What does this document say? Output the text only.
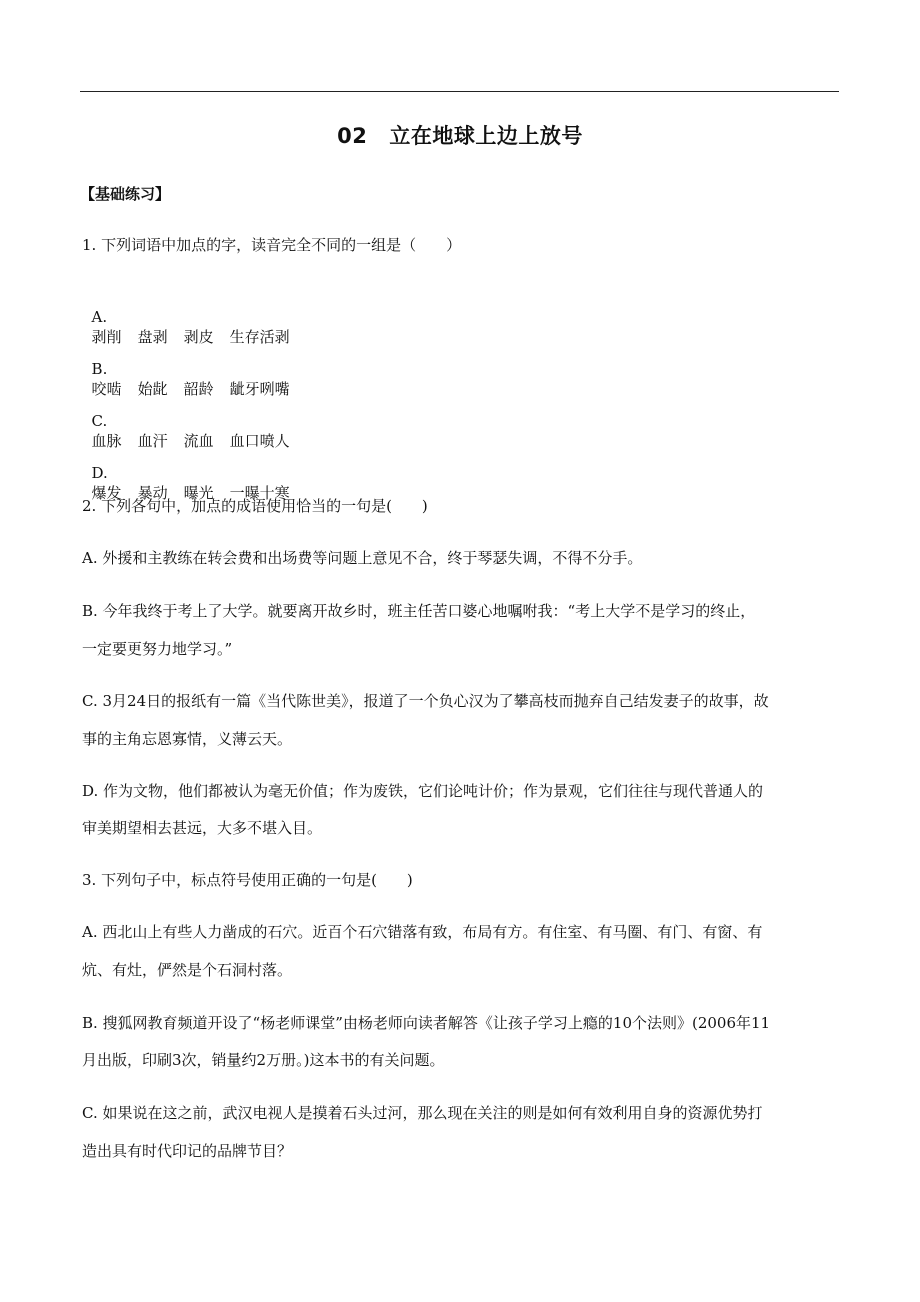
02 立在地球上边上放号
【基础练习】
1. 下列词语中加点的字，读音完全不同的一组是（　　）

A.
剥削 盘剥 剥皮 生存活剥

B.
咬啮 始龀 韶龄 龇牙咧嘴

C.
血脉 血汗 流血 血口喷人

D.
爆发 暴动 曝光 一曝十寒

2. 下列各句中，加点的成语使用恰当的一句是(　　)
A. 外援和主教练在转会费和出场费等问题上意见不合，终于琴瑟失调，不得不分手。
B. 今年我终于考上了大学。就要离开故乡时，班主任苦口婆心地嘱咐我：“考上大学不是学习的终止，
一定要更努力地学习。”
C. 3月24日的报纸有一篇《当代陈世美》，报道了一个负心汉为了攀高枝而抛弃自己结发妻子的故事，故
事的主角忘恩寡情，义薄云天。
D. 作为文物，他们都被认为毫无价值；作为废铁，它们论吨计价；作为景观，它们往往与现代普通人的
审美期望相去甚远，大多不堪入目。
3. 下列句子中，标点符号使用正确的一句是(　　)
A. 西北山上有些人力凿成的石穴。近百个石穴错落有致，布局有方。有住室、有马圈、有门、有窗、有
炕、有灶，俨然是个石洞村落。
B. 搜狐网教育频道开设了“杨老师课堂”由杨老师向读者解答《让孩子学习上瘾的10个法则》(2006年11
月出版，印刷3次，销量约2万册。)这本书的有关问题。
C. 如果说在这之前，武汉电视人是摸着石头过河，那么现在关注的则是如何有效利用自身的资源优势打
造出具有时代印记的品牌节目？
